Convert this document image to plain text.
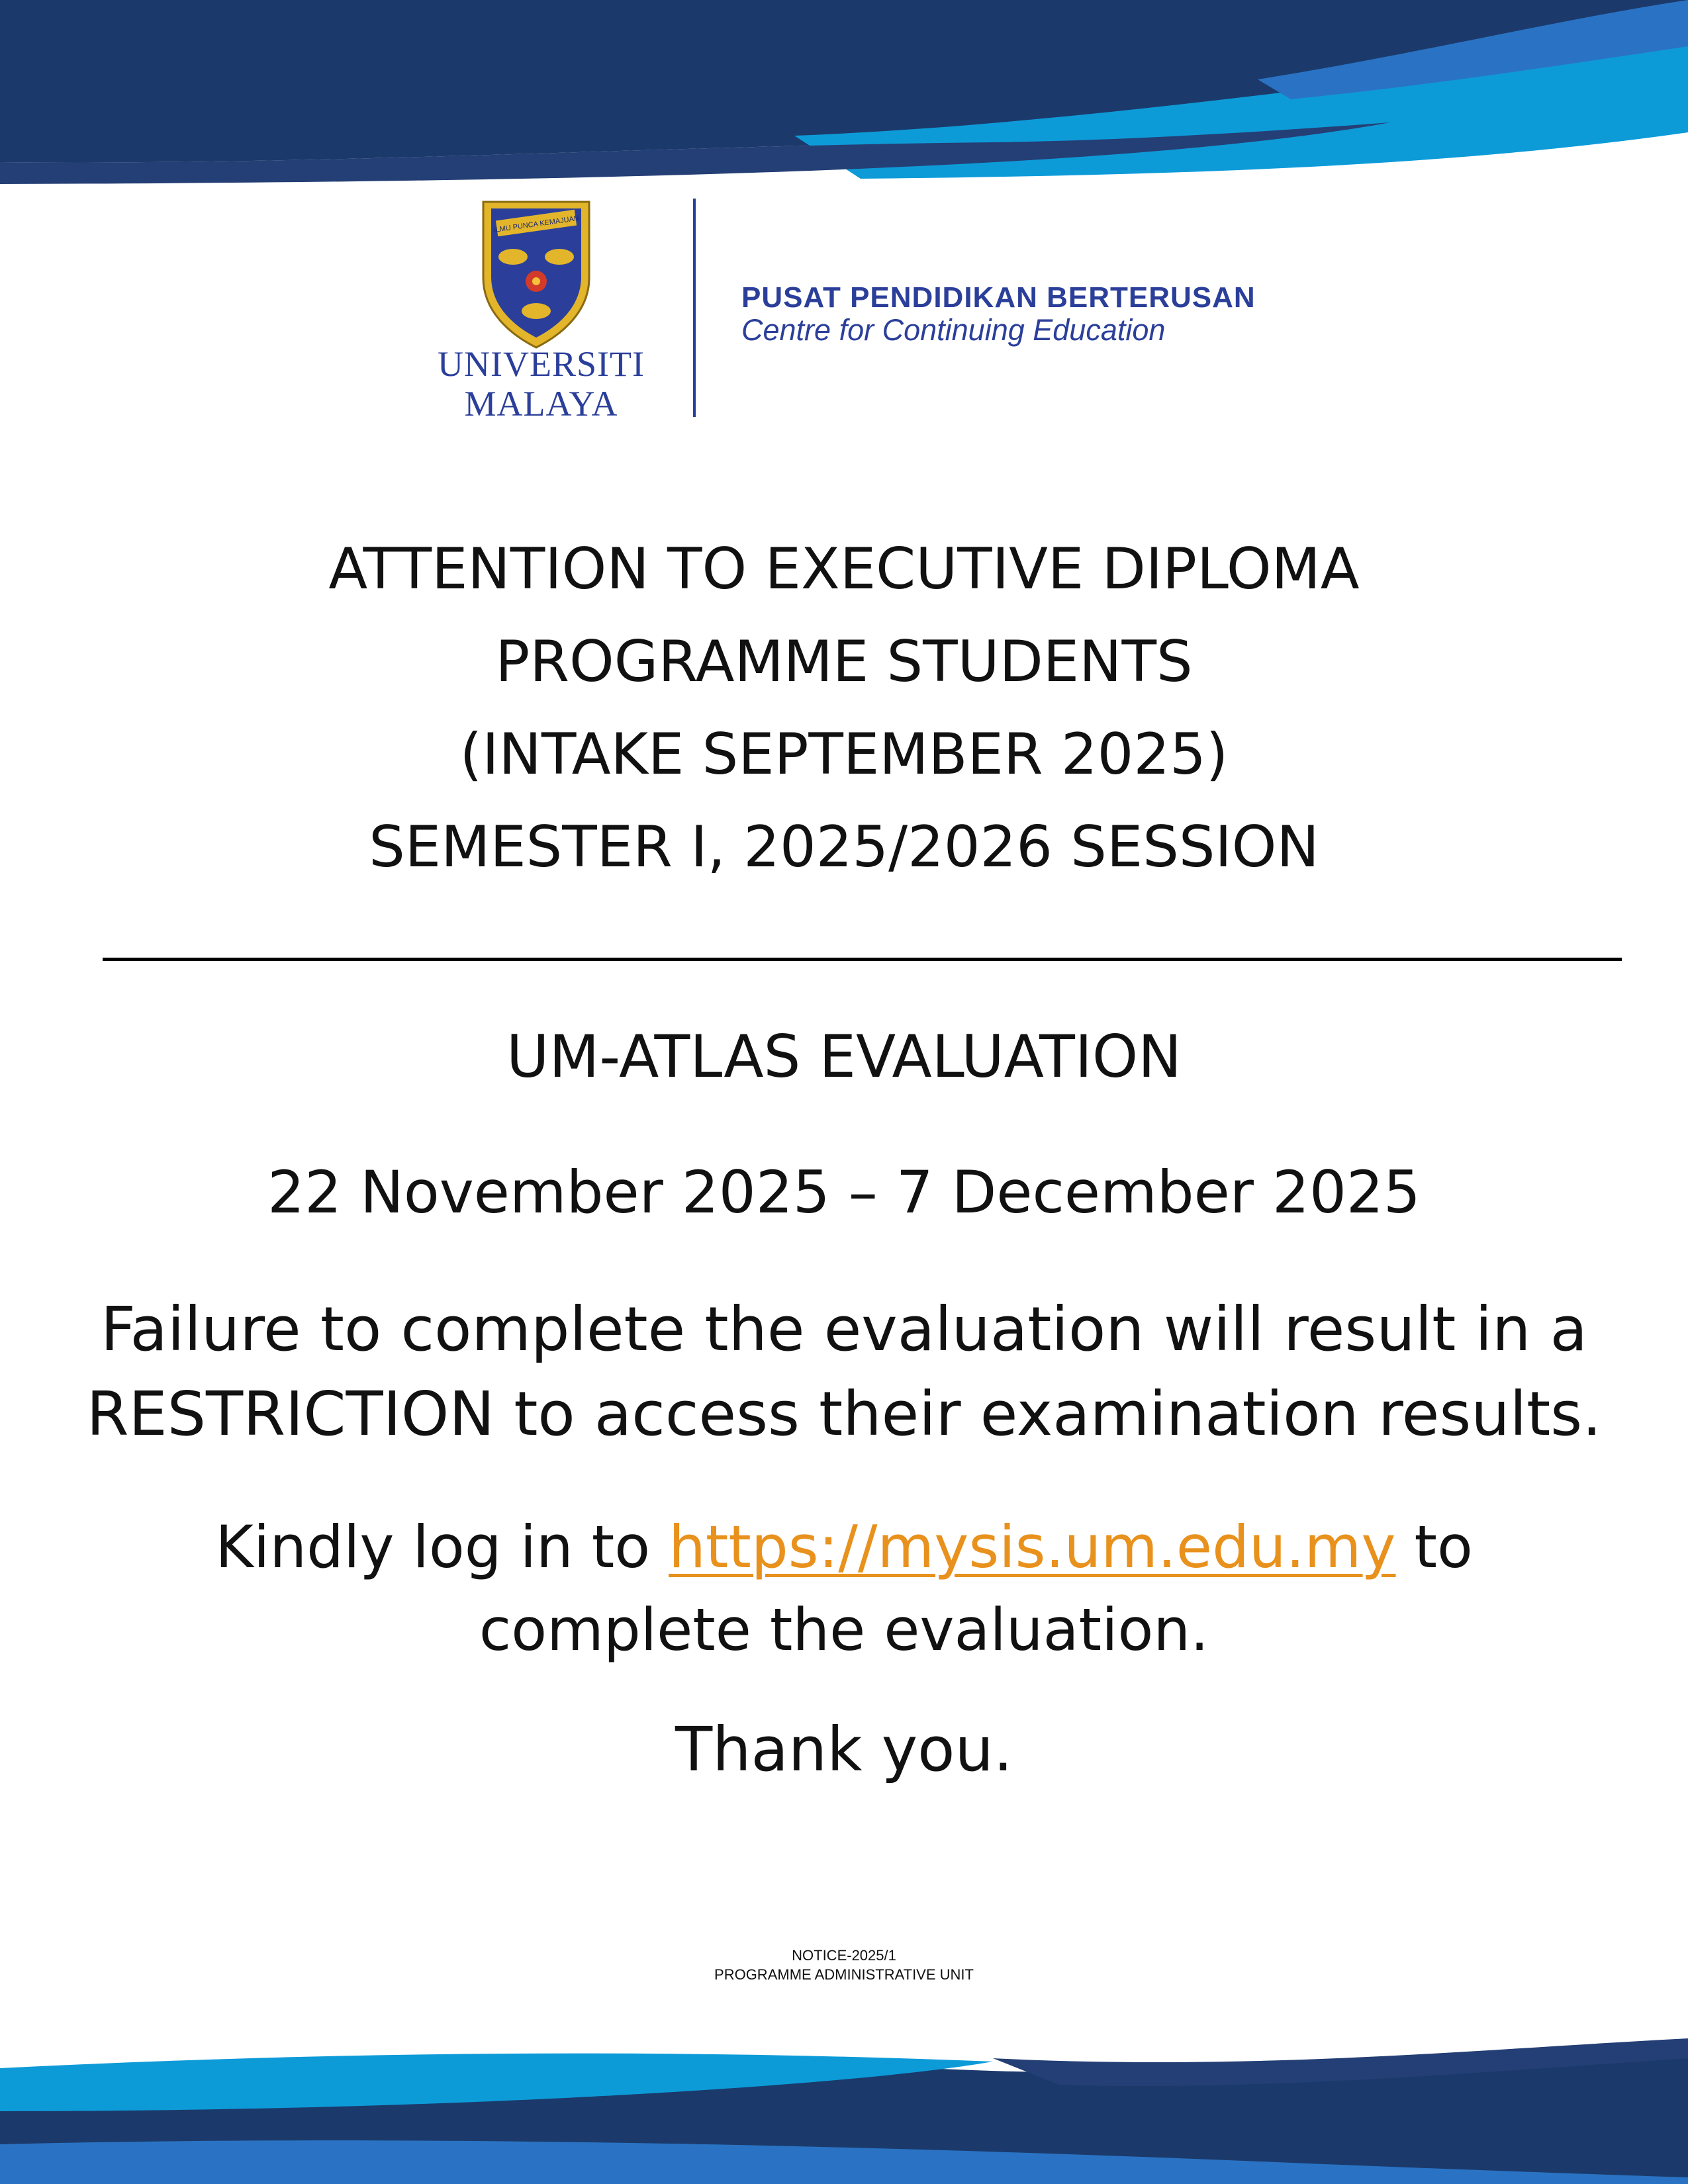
ILMU PUNCA KEMAJUAN
UNIVERSITI
MALAYA
PUSAT PENDIDIKAN BERTERUSAN
Centre for Continuing Education
ATTENTION TO EXECUTIVE DIPLOMA
PROGRAMME STUDENTS
(INTAKE SEPTEMBER 2025)
SEMESTER I, 2025/2026 SESSION
UM-ATLAS EVALUATION
22 November 2025 – 7 December 2025
Failure to complete the evaluation will result in a
RESTRICTION to access their examination results.
Kindly log in to https://mysis.um.edu.my to
complete the evaluation.
Thank you.
NOTICE-2025/1
PROGRAMME ADMINISTRATIVE UNIT
